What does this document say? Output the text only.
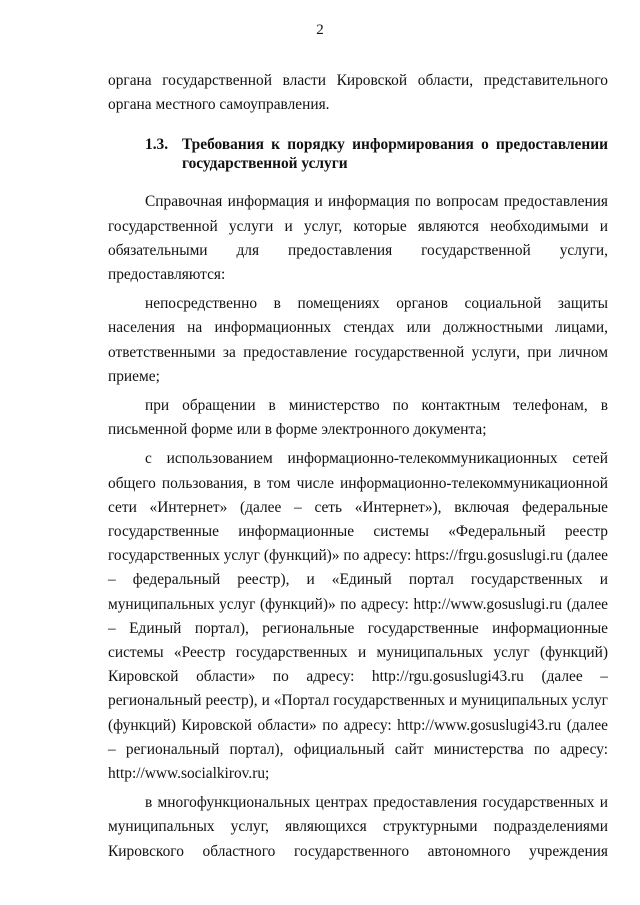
2

органа государственной власти Кировской области, представительного органа местного самоуправления.

1.3. Требования к порядку информирования о предоставлении государственной услуги

Справочная информация и информация по вопросам предоставления государственной услуги и услуг, которые являются необходимыми и обязательными для предоставления государственной услуги, предоставляются:

непосредственно в помещениях органов социальной защиты населения на информационных стендах или должностными лицами, ответственными за предоставление государственной услуги, при личном приеме;

при обращении в министерство по контактным телефонам, в письменной форме или в форме электронного документа;

с использованием информационно-телекоммуникационных сетей общего пользования, в том числе информационно-телекоммуникационной сети «Интернет» (далее – сеть «Интернет»), включая федеральные государственные информационные системы «Федеральный реестр государственных услуг (функций)» по адресу: https://frgu.gosuslugi.ru (далее – федеральный реестр), и «Единый портал государственных и муниципальных услуг (функций)» по адресу: http://www.gosuslugi.ru (далее – Единый портал), региональные государственные информационные системы «Реестр государственных и муниципальных услуг (функций) Кировской области» по адресу: http://rgu.gosuslugi43.ru (далее – региональный реестр), и «Портал государственных и муниципальных услуг (функций) Кировской области» по адресу: http://www.gosuslugi43.ru (далее – региональный портал), официальный сайт министерства по адресу: http://www.socialkirov.ru;

в многофункциональных центрах предоставления государственных и муниципальных услуг, являющихся структурными подразделениями Кировского областного государственного автономного учреждения
